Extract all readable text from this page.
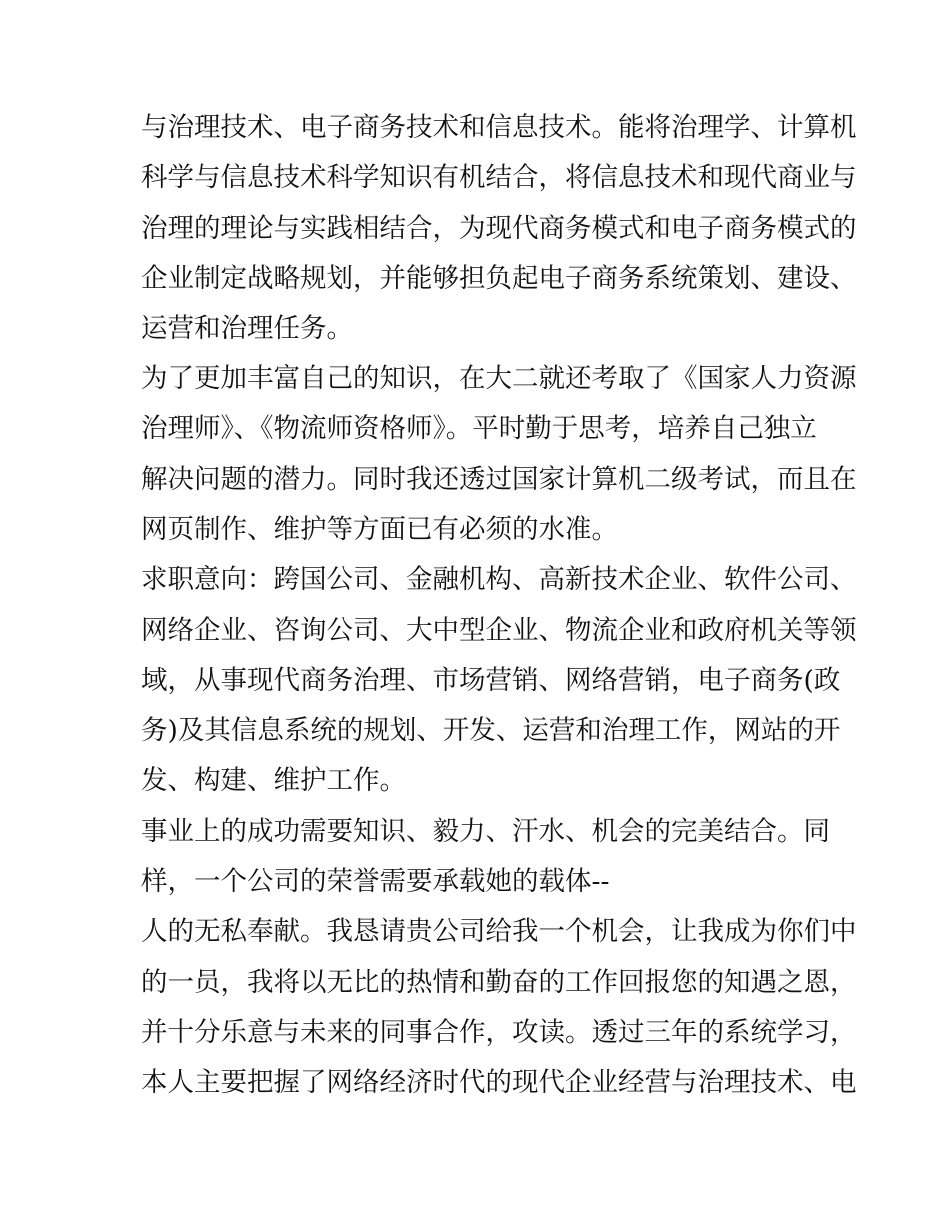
与治理技术、电子商务技术和信息技术。能将治理学、计算机
科学与信息技术科学知识有机结合，将信息技术和现代商业与
治理的理论与实践相结合，为现代商务模式和电子商务模式的
企业制定战略规划，并能够担负起电子商务系统策划、建设、
运营和治理任务。
为了更加丰富自己的知识，在大二就还考取了《国家人力资源
治理师》、《物流师资格师》。平时勤于思考，培养自己独立
解决问题的潜力。同时我还透过国家计算机二级考试，而且在
网页制作、维护等方面已有必须的水准。
求职意向：跨国公司、金融机构、高新技术企业、软件公司、
网络企业、咨询公司、大中型企业、物流企业和政府机关等领
域，从事现代商务治理、市场营销、网络营销，电子商务(政
务)及其信息系统的规划、开发、运营和治理工作，网站的开
发、构建、维护工作。
事业上的成功需要知识、毅力、汗水、机会的完美结合。同
样，一个公司的荣誉需要承载她的载体--
人的无私奉献。我恳请贵公司给我一个机会，让我成为你们中
的一员，我将以无比的热情和勤奋的工作回报您的知遇之恩，
并十分乐意与未来的同事合作，攻读。透过三年的系统学习，
本人主要把握了网络经济时代的现代企业经营与治理技术、电
